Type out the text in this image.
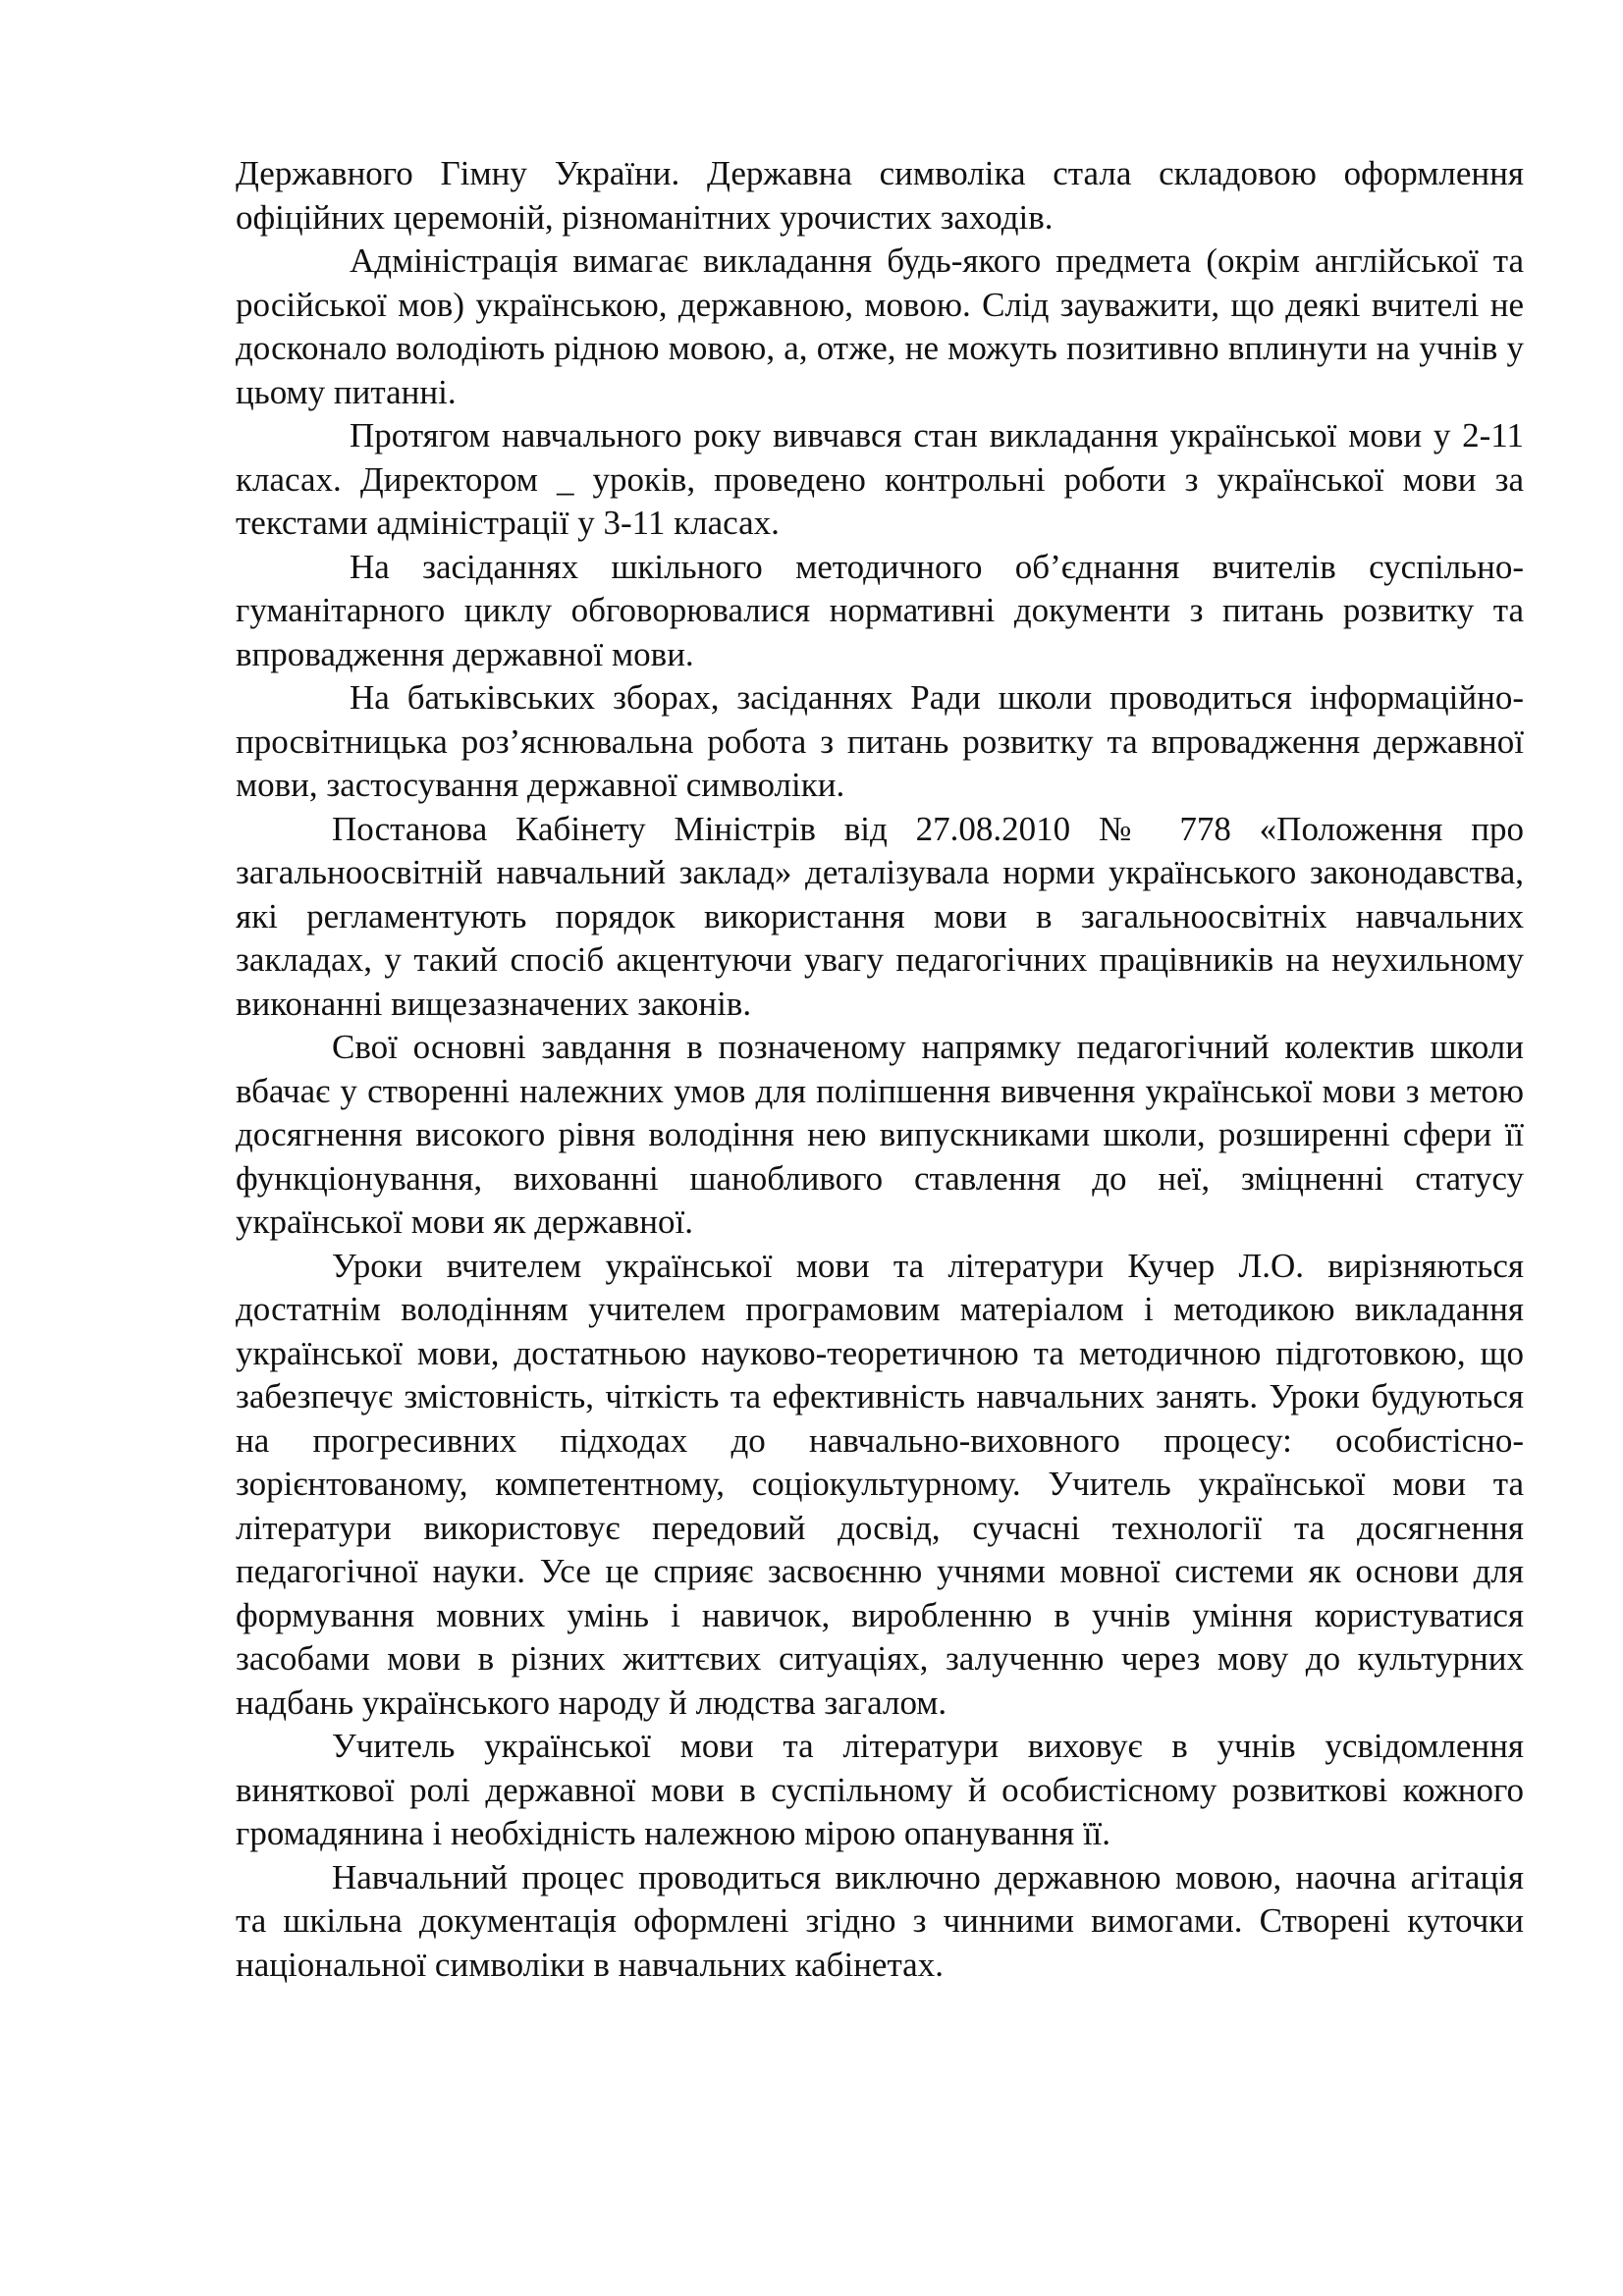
Державного Гімну України. Державна символіка стала складовою оформлення офіційних церемоній, різноманітних урочистих заходів.

Адміністрація вимагає викладання будь-якого предмета (окрім англійської та російської мов) українською, державною, мовою. Слід зауважити, що деякі вчителі не досконало володіють рідною мовою, а, отже, не можуть позитивно вплинути на учнів у цьому питанні.

Протягом навчального року вивчався стан викладання української мови у 2-11 класах. Директором _ уроків, проведено контрольні роботи з української мови за текстами адміністрації у 3-11 класах.

На засіданнях шкільного методичного об’єднання вчителів суспільно-гуманітарного циклу обговорювалися нормативні документи з питань розвитку та впровадження державної мови.

На батьківських зборах, засіданнях Ради школи проводиться інформаційно-просвітницька роз’яснювальна робота з питань розвитку та впровадження державної мови, застосування державної символіки.

Постанова Кабінету Міністрів від 27.08.2010 № 778 «Положення про загальноосвітній навчальний заклад» деталізувала норми українського законодавства, які регламентують порядок використання мови в загальноосвітніх навчальних закладах, у такий спосіб акцентуючи увагу педагогічних працівників на неухильному виконанні вищезазначених законів.

Свої основні завдання в позначеному напрямку педагогічний колектив школи вбачає у створенні належних умов для поліпшення вивчення української мови з метою досягнення високого рівня володіння нею випускниками школи, розширенні сфери її функціонування, вихованні шанобливого ставлення до неї, зміцненні статусу української мови як державної.

Уроки вчителем української мови та літератури Кучер Л.О. вирізняються достатнім володінням учителем програмовим матеріалом і методикою викладання української мови, достатньою науково-теоретичною та методичною підготовкою, що забезпечує змістовність, чіткість та ефективність навчальних занять. Уроки будуються на прогресивних підходах до навчально-виховного процесу: особистісно-зорієнтованому, компетентному, соціокультурному. Учитель української мови та літератури використовує передовий досвід, сучасні технології та досягнення педагогічної науки. Усе це сприяє засвоєнню учнями мовної системи як основи для формування мовних умінь і навичок, виробленню в учнів уміння користуватися засобами мови в різних життєвих ситуаціях, залученню через мову до культурних надбань українського народу й людства загалом.

Учитель української мови та літератури виховує в учнів усвідомлення виняткової ролі державної мови в суспільному й особистісному розвиткові кожного громадянина і необхідність належною мірою опанування її.

Навчальний процес проводиться виключно державною мовою, наочна агітація та шкільна документація оформлені згідно з чинними вимогами. Створені куточки національної символіки в навчальних кабінетах.
